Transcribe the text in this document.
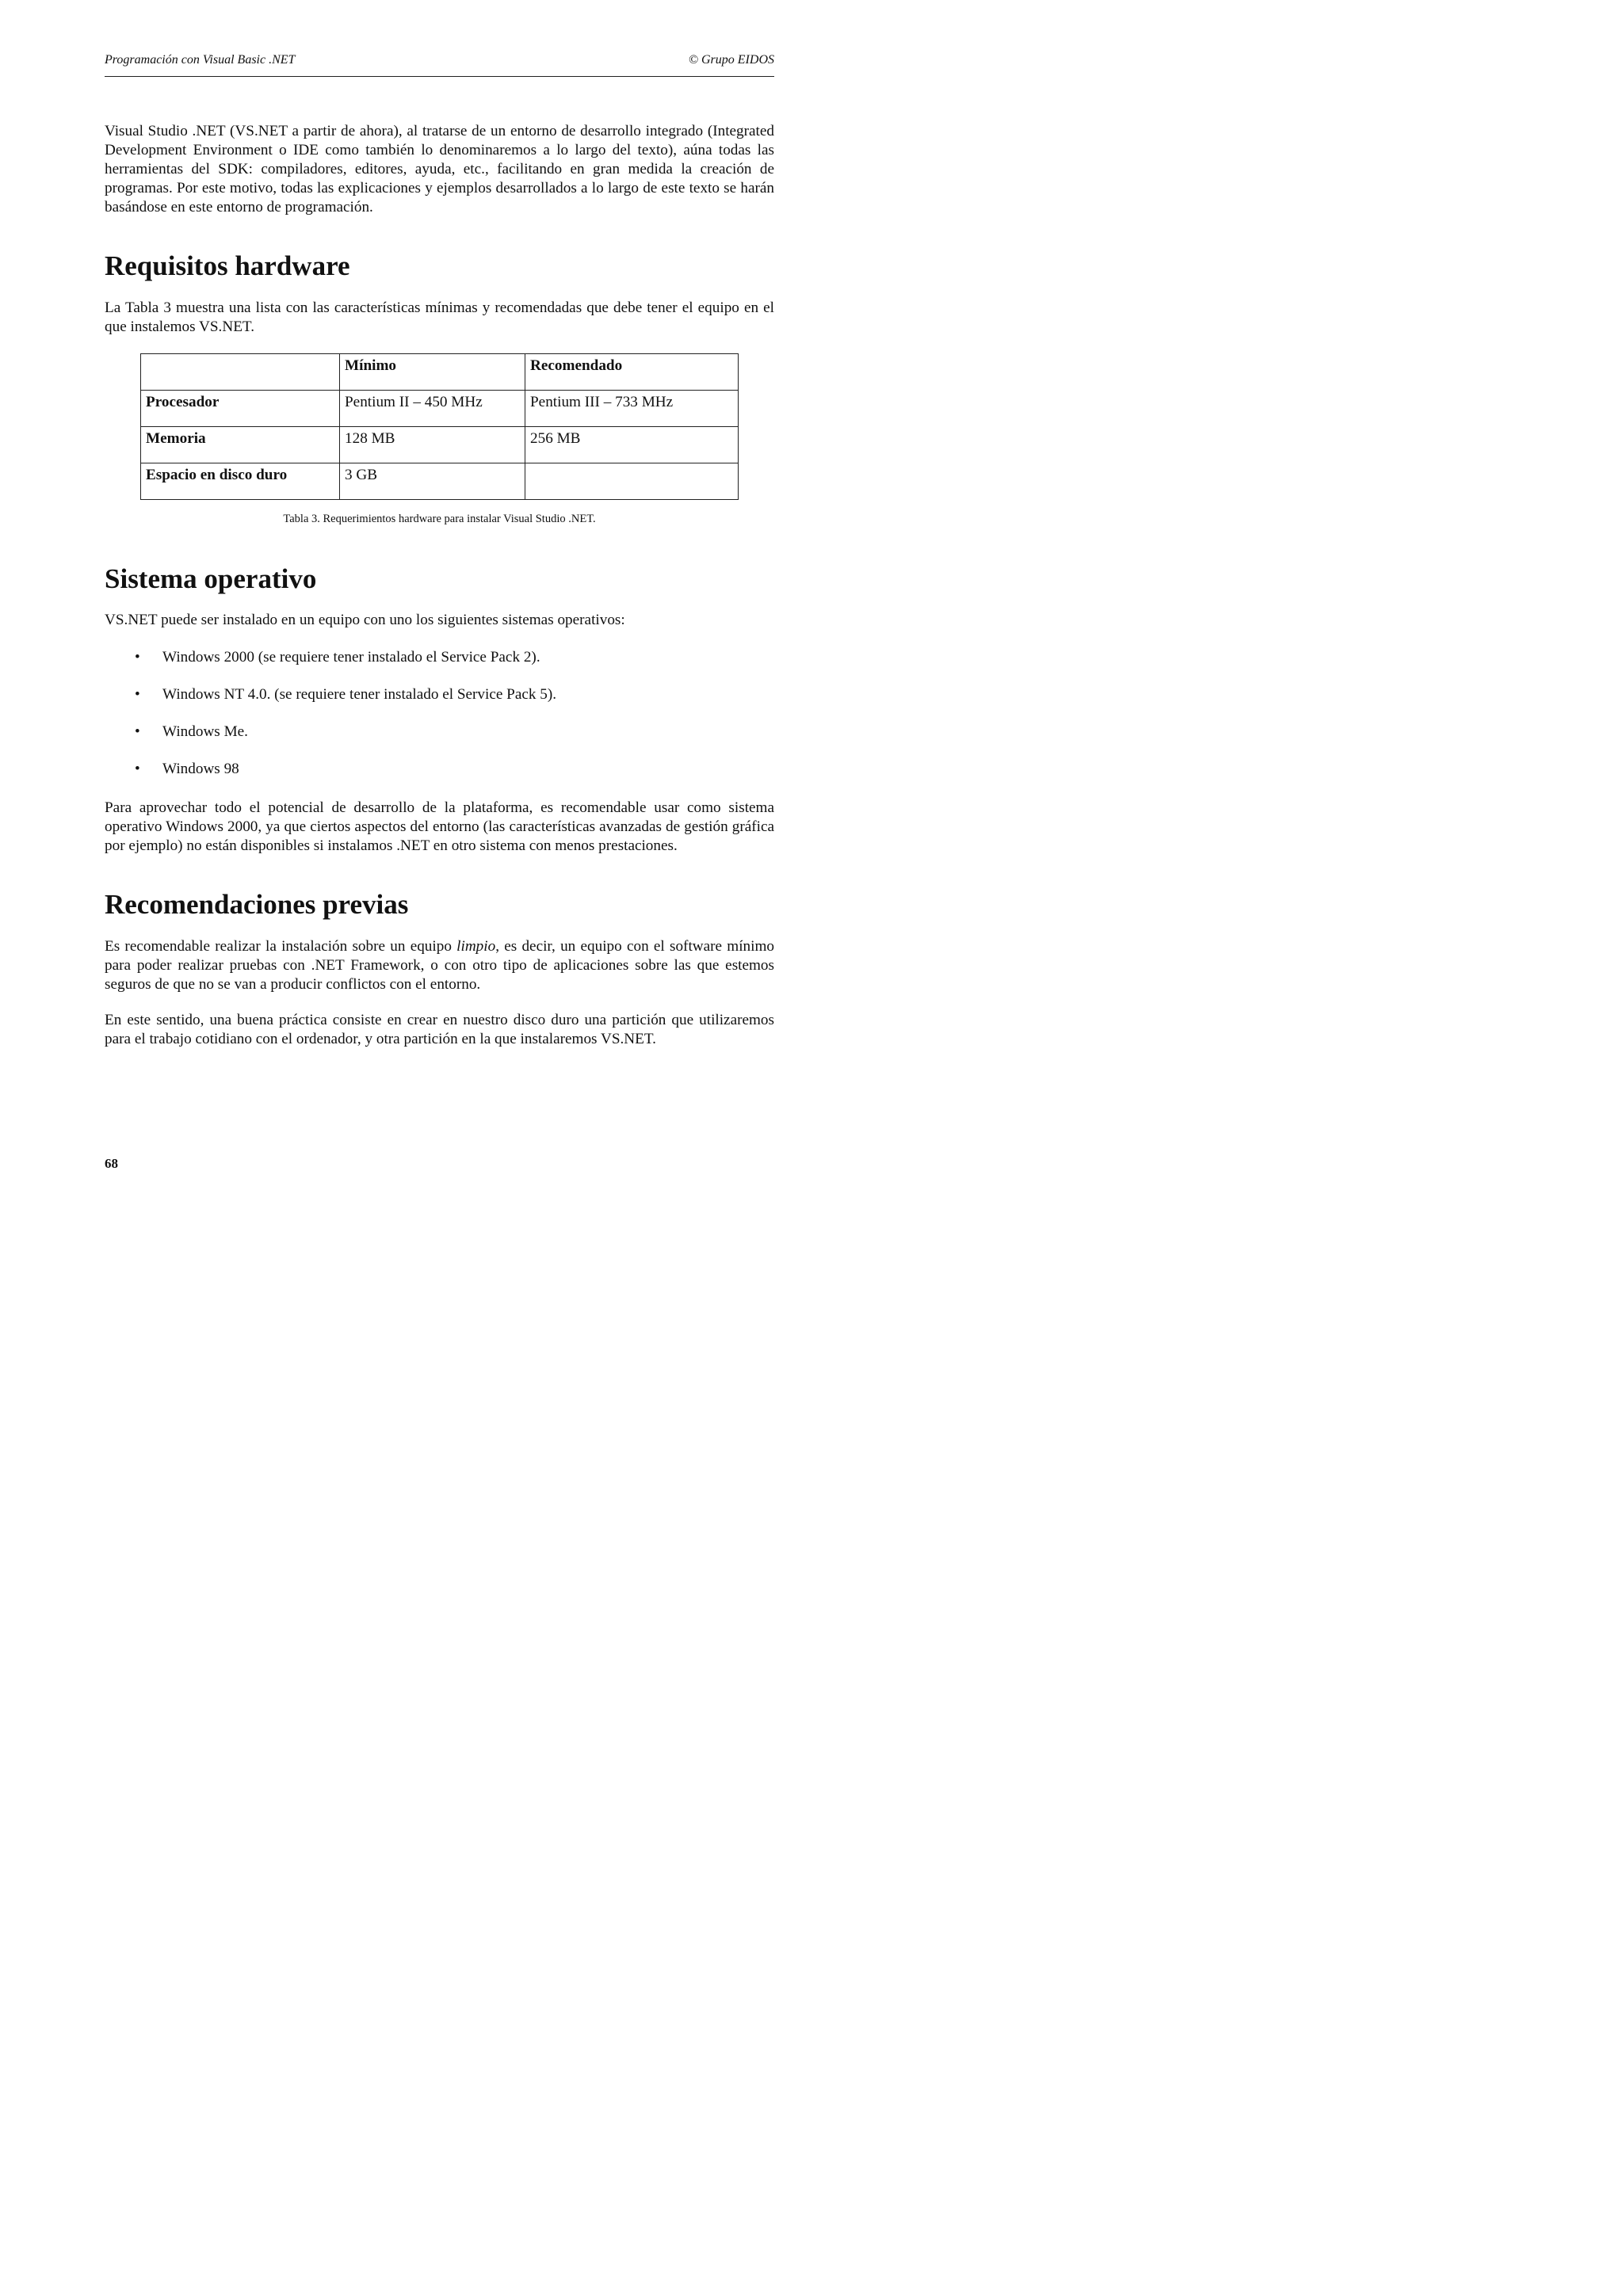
Programación con Visual Basic .NET	© Grupo EIDOS

Visual Studio .NET (VS.NET a partir de ahora), al tratarse de un entorno de desarrollo integrado (Integrated Development Environment o IDE como también lo denominaremos a lo largo del texto), aúna todas las herramientas del SDK: compiladores, editores, ayuda, etc., facilitando en gran medida la creación de programas. Por este motivo, todas las explicaciones y ejemplos desarrollados a lo largo de este texto se harán basándose en este entorno de programación.

Requisitos hardware

La Tabla 3 muestra una lista con las características mínimas y recomendadas que debe tener el equipo en el que instalemos VS.NET.

	Mínimo	Recomendado
Procesador	Pentium II – 450 MHz	Pentium III – 733 MHz
Memoria	128 MB	256 MB
Espacio en disco duro	3 GB	
Tabla 3. Requerimientos hardware para instalar Visual Studio .NET.
Sistema operativo

VS.NET puede ser instalado en un equipo con uno los siguientes sistemas operativos:

• Windows 2000 (se requiere tener instalado el Service Pack 2).
• Windows NT 4.0. (se requiere tener instalado el Service Pack 5).
• Windows Me.
• Windows 98

Para aprovechar todo el potencial de desarrollo de la plataforma, es recomendable usar como sistema operativo Windows 2000, ya que ciertos aspectos del entorno (las características avanzadas de gestión gráfica por ejemplo) no están disponibles si instalamos .NET en otro sistema con menos prestaciones.

Recomendaciones previas

Es recomendable realizar la instalación sobre un equipo limpio, es decir, un equipo con el software mínimo para poder realizar pruebas con .NET Framework, o con otro tipo de aplicaciones sobre las que estemos seguros de que no se van a producir conflictos con el entorno.

En este sentido, una buena práctica consiste en crear en nuestro disco duro una partición que utilizaremos para el trabajo cotidiano con el ordenador, y otra partición en la que instalaremos VS.NET.

68
